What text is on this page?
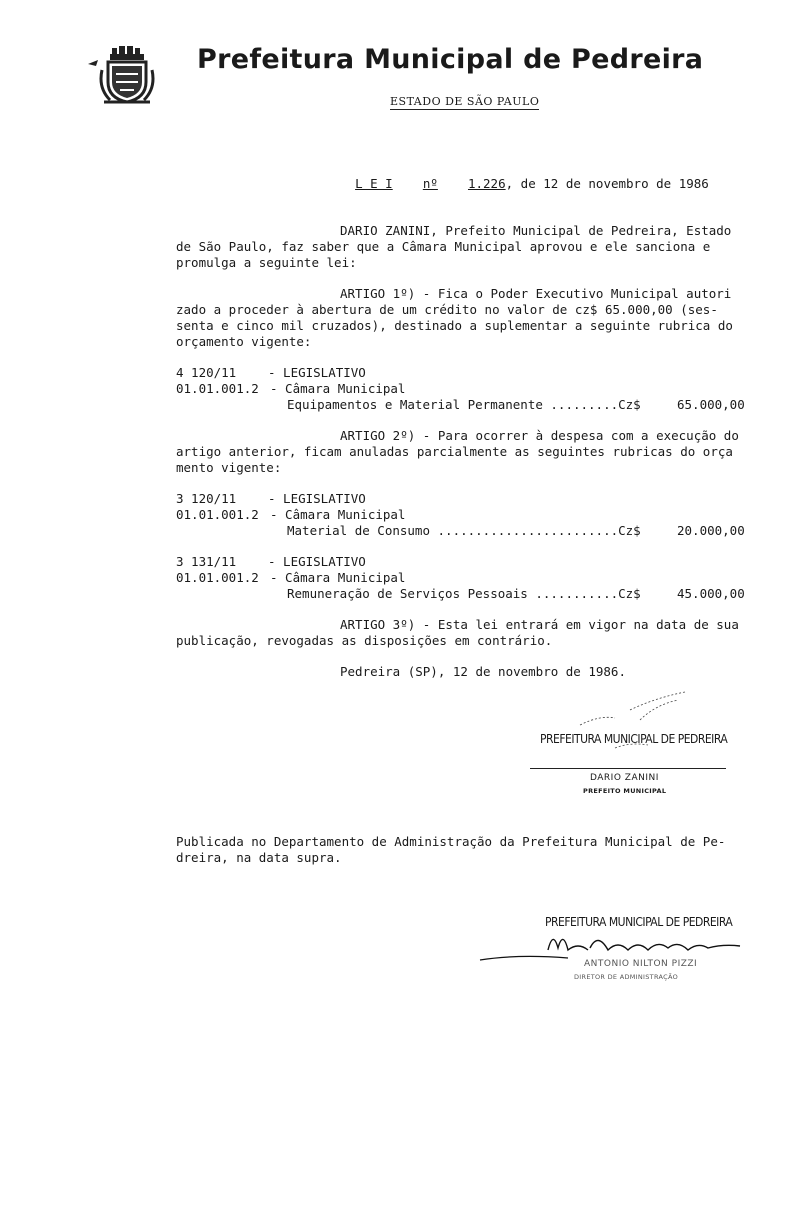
Prefeitura Municipal de Pedreira
ESTADO DE SÃO PAULO

L E I nº 1.226, de 12 de novembro de 1986

DARIO ZANINI, Prefeito Municipal de Pedreira, Estado
de São Paulo, faz saber que a Câmara Municipal aprovou e ele sanciona e
promulga a seguinte lei:
ARTIGO 1º) - Fica o Poder Executivo Municipal autori
zado a proceder à abertura de um crédito no valor de cz$ 65.000,00 (ses-
senta e cinco mil cruzados), destinado a suplementar a seguinte rubrica do
orçamento vigente:
4 120/11	- LEGISLATIVO
01.01.001.2 - Câmara Municipal
Equipamentos e Material Permanente .........Cz$	65.000,00
ARTIGO 2º) - Para ocorrer à despesa com a execução do
artigo anterior, ficam anuladas parcialmente as seguintes rubricas do orça
mento vigente:
3 120/11	- LEGISLATIVO
01.01.001.2 - Câmara Municipal
Material de Consumo ........................Cz$	20.000,00
3 131/11	- LEGISLATIVO
01.01.001.2 - Câmara Municipal
Remuneração de Serviços Pessoais ...........Cz$	45.000,00
ARTIGO 3º) - Esta lei entrará em vigor na data de sua
publicação, revogadas as disposições em contrário.
Pedreira (SP), 12 de novembro de 1986.
PREFEITURA MUNICIPAL DE PEDREIRA
DARIO ZANINI
PREFEITO MUNICIPAL
Publicada no Departamento de Administração da Prefeitura Municipal de Pe-
dreira, na data supra.
PREFEITURA MUNICIPAL DE PEDREIRA
ANTONIO NILTON PIZZI
DIRETOR DE ADMINISTRAÇÃO
